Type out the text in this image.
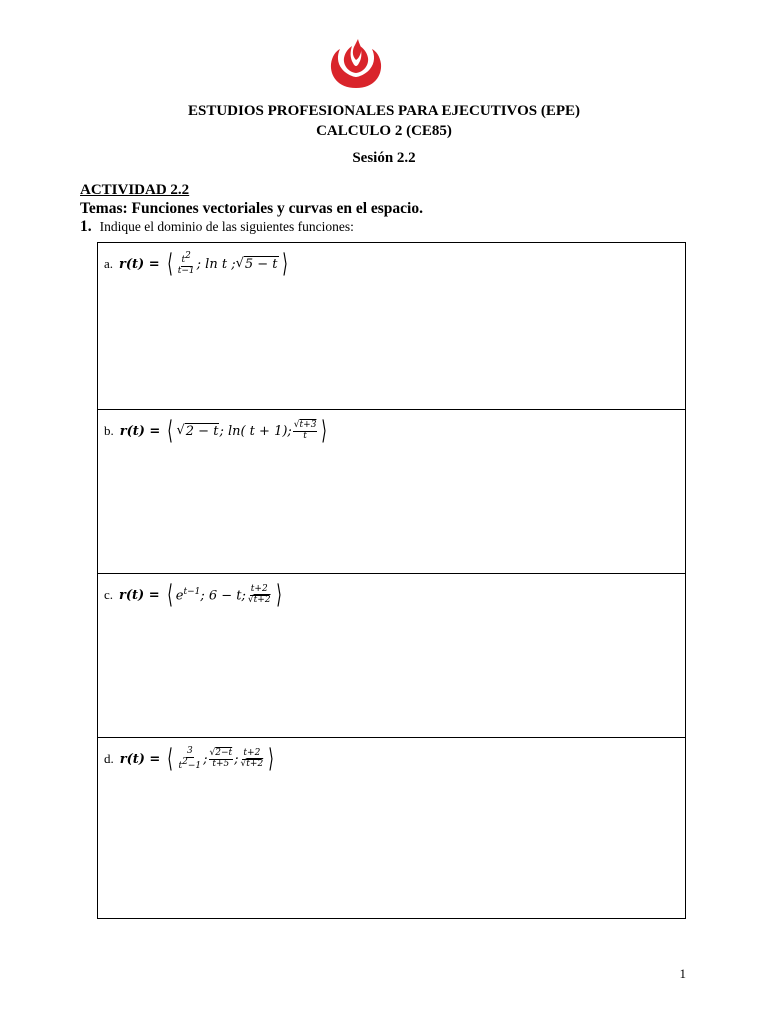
ESTUDIOS PROFESIONALES PARA EJECUTIVOS (EPE)
CALCULO 2 (CE85)
Sesión 2.2
ACTIVIDAD 2.2
Temas: Funciones vectoriales y curvas en el espacio.
1. Indique el dominio de las siguientes funciones:
a. r(t) = ⟨ $\frac{t2}{t-1}$ ; ln t ; √ 5 − t ⟩
b. r(t) = ⟨ √ 2 − t ; ln( t + 1); $\frac{√t+3}{t}$ ⟩
c. r(t) = ⟨ $e^{t-1}$; 6 − t; $\frac{t+2}{√t+2}$ ⟩
d. r(t) = ⟨ $\frac{3}{t2-1}$ ; $\frac{√2-t}{t+5}$ ; $\frac{t+2}{√t+2}$ ⟩
1
